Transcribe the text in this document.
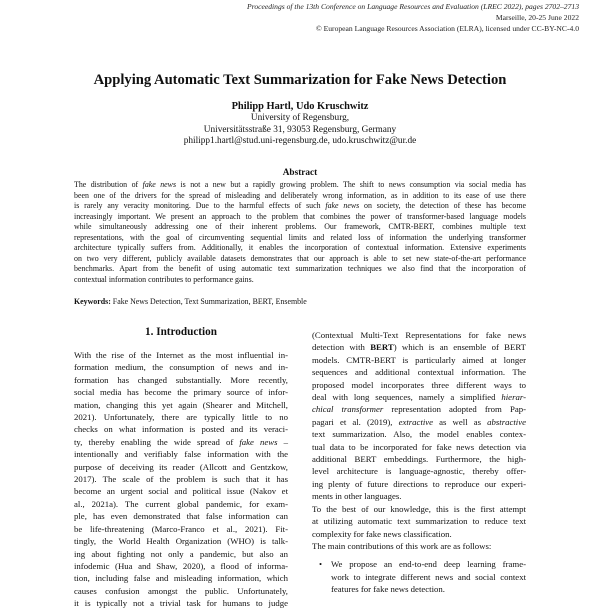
Proceedings of the 13th Conference on Language Resources and Evaluation (LREC 2022), pages 2702–2713
Marseille, 20-25 June 2022
© European Language Resources Association (ELRA), licensed under CC-BY-NC-4.0
Applying Automatic Text Summarization for Fake News Detection
Philipp Hartl, Udo Kruschwitz
University of Regensburg,
Universitätsstraße 31, 93053 Regensburg, Germany
philipp1.hartl@stud.uni-regensburg.de, udo.kruschwitz@ur.de
Abstract
The distribution of fake news is not a new but a rapidly growing problem. The shift to news consumption via social media has
been one of the drivers for the spread of misleading and deliberately wrong information, as in addition to its ease of use there
is rarely any veracity monitoring. Due to the harmful effects of such fake news on society, the detection of these has become
increasingly important. We present an approach to the problem that combines the power of transformer-based language models
while simultaneously addressing one of their inherent problems. Our framework, CMTR-BERT, combines multiple text
representations, with the goal of circumventing sequential limits and related loss of information the underlying transformer
architecture typically suffers from. Additionally, it enables the incorporation of contextual information. Extensive experiments
on two very different, publicly available datasets demonstrates that our approach is able to set new state-of-the-art performance
benchmarks. Apart from the benefit of using automatic text summarization techniques we also find that the incorporation of
contextual information contributes to performance gains.
Keywords: Fake News Detection, Text Summarization, BERT, Ensemble
1. Introduction
With the rise of the Internet as the most influential in-
formation medium, the consumption of news and in-
formation has changed substantially. More recently,
social media has become the primary source of infor-
mation, changing this yet again (Shearer and Mitchell,
2021). Unfortunately, there are typically little to no
checks on what information is posted and its veraci-
ty, thereby enabling the wide spread of fake news –
intentionally and verifiably false information with the
purpose of deceiving its reader (Allcott and Gentzkow,
2017). The scale of the problem is such that it has
become an urgent social and political issue (Nakov et
al., 2021a). The current global pandemic, for exam-
ple, has even demonstrated that false information can
be life-threatening (Marco-Franco et al., 2021). Fit-
tingly, the World Health Organization (WHO) is talk-
ing about fighting not only a pandemic, but also an
infodemic (Hua and Shaw, 2020), a flood of informa-
tion, including false and misleading information, which
causes confusion amongst the public. Unfortunately,
it is typically not a trivial task for humans to judge
(Contextual Multi-Text Representations for fake news
detection with BERT) which is an ensemble of BERT
models. CMTR-BERT is particularly aimed at longer
sequences and additional contextual information. The
proposed model incorporates three different ways to
deal with long sequences, namely a simplified hierar-
chical transformer representation adopted from Pap-
pagari et al. (2019), extractive as well as abstractive
text summarization. Also, the model enables contex-
tual data to be incorporated for fake news detection via
additional BERT embeddings. Furthermore, the high-
level architecture is language-agnostic, thereby offer-
ing plenty of future directions to reproduce our experi-
ments in other languages.
To the best of our knowledge, this is the first attempt
at utilizing automatic text summarization to reduce text
complexity for fake news classification.
The main contributions of this work are as follows:
• We propose an end-to-end deep learning frame-
work to integrate different news and social context
features for fake news detection.
